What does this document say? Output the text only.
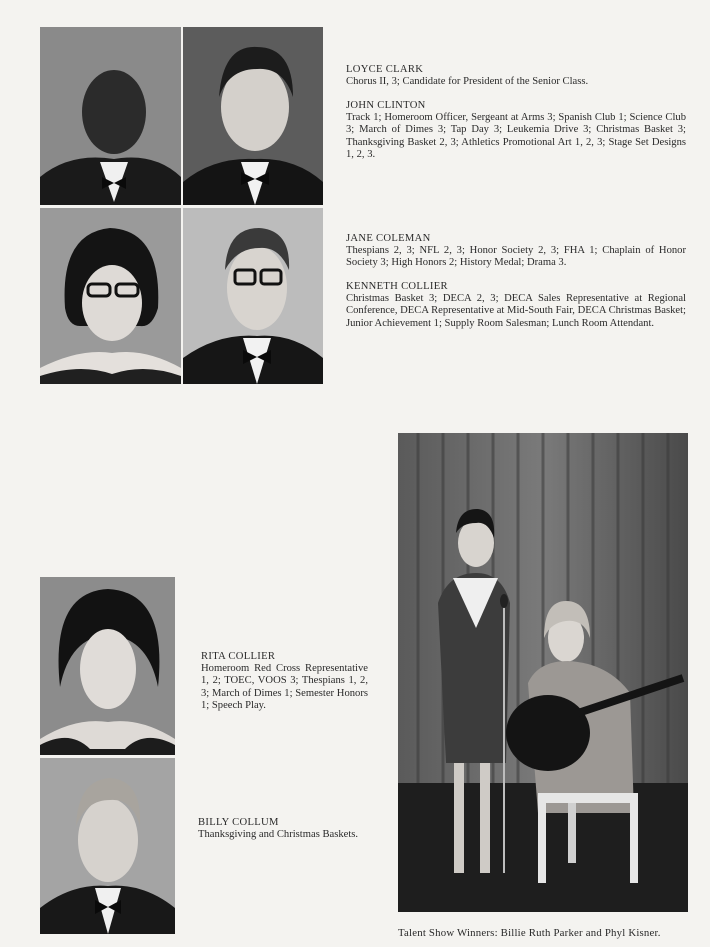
LOYCE CLARK
Chorus II, 3; Candidate for President of the Senior Class.
JOHN CLINTON
Track 1; Homeroom Officer, Sergeant at Arms 3; Spanish Club 1; Science Club 3; March of Dimes 3; Tap Day 3; Leukemia Drive 3; Christmas Basket 3; Thanksgiving Basket 2, 3; Athletics Promotional Art 1, 2, 3; Stage Set Designs 1, 2, 3.
JANE COLEMAN
Thespians 2, 3; NFL 2, 3; Honor Society 2, 3; FHA 1; Chaplain of Honor Society 3; High Honors 2; History Medal; Drama 3.
KENNETH COLLIER
Christmas Basket 3; DECA 2, 3; DECA Sales Representative at Regional Conference, DECA Representative at Mid-South Fair, DECA Christmas Basket; Junior Achievement 1; Supply Room Salesman; Lunch Room Attendant.
RITA COLLIER
Homeroom Red Cross Representative 1, 2; TOEC, VOOS 3; Thespians 1, 2, 3; March of Dimes 1; Semester Honors 1; Speech Play.
BILLY COLLUM
Thanksgiving and Christmas Baskets.
Talent Show Winners: Billie Ruth Parker and Phyl Kisner.
